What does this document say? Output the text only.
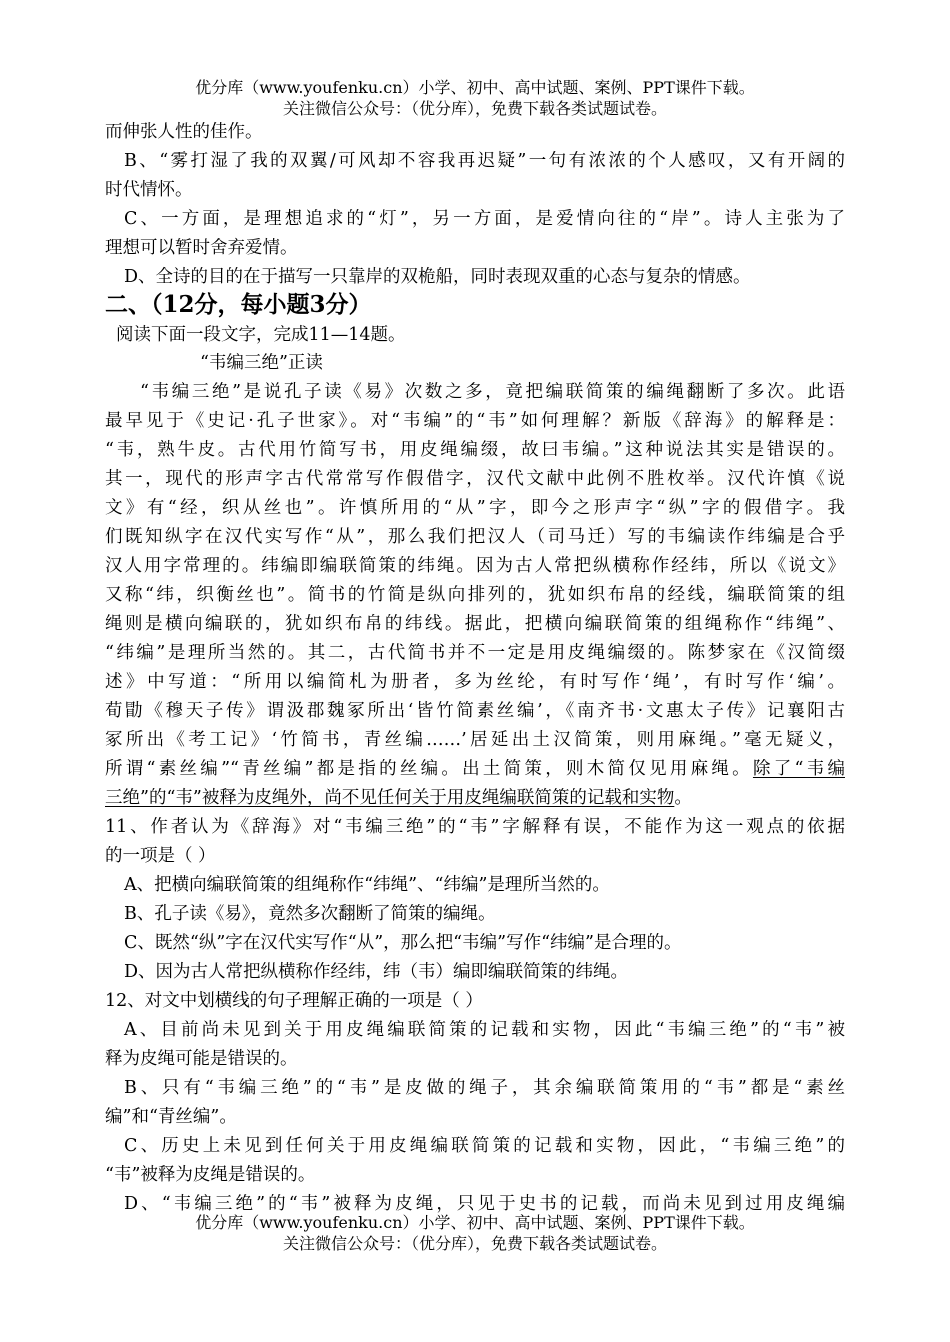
优分库（www.youfenku.cn）小学、初中、高中试题、案例、PPT课件下载。
关注微信公众号：（优分库），免费下载各类试题试卷。
而伸张人性的佳作。
B、“雾打湿了我的双翼/可风却不容我再迟疑”一句有浓浓的个人感叹，又有开阔的
时代情怀。
C、一方面，是理想追求的“灯”，另一方面，是爱情向往的“岸”。诗人主张为了
理想可以暂时舍弃爱情。
D、全诗的目的在于描写一只靠岸的双桅船，同时表现双重的心态与复杂的情感。
二、（12分，每小题3分）
阅读下面一段文字，完成11—14题。
“韦编三绝”正读
“韦编三绝”是说孔子读《易》次数之多，竟把编联简策的编绳翻断了多次。此语
最早见于《史记·孔子世家》。对“韦编”的“韦”如何理解？新版《辞海》的解释是：
“韦，熟牛皮。古代用竹简写书，用皮绳编缀，故曰韦编。”这种说法其实是错误的。
其一，现代的形声字古代常常写作假借字，汉代文献中此例不胜枚举。汉代许慎《说
文》有“经，织从丝也”。许慎所用的“从”字，即今之形声字“纵”字的假借字。我
们既知纵字在汉代实写作“从”，那么我们把汉人（司马迁）写的韦编读作纬编是合乎
汉人用字常理的。纬编即编联简策的纬绳。因为古人常把纵横称作经纬，所以《说文》
又称“纬，织衡丝也”。简书的竹简是纵向排列的，犹如织布帛的经线，编联简策的组
绳则是横向编联的，犹如织布帛的纬线。据此，把横向编联简策的组绳称作“纬绳”、
“纬编”是理所当然的。其二，古代简书并不一定是用皮绳编缀的。陈梦家在《汉简缀
述》中写道：“所用以编简札为册者，多为丝纶，有时写作‘绳’，有时写作‘编’。
荀勖《穆天子传》谓汲郡魏冢所出‘皆竹简素丝编’，《南齐书·文惠太子传》记襄阳古
冢所出《考工记》‘竹简书，青丝编……’居延出土汉简策，则用麻绳。”毫无疑义，
所谓“素丝编”“青丝编”都是指的丝编。出土简策，则木简仅见用麻绳。除了“韦编
三绝”的“韦”被释为皮绳外，尚不见任何关于用皮绳编联简策的记载和实物。
11、作者认为《辞海》对“韦编三绝”的“韦”字解释有误，不能作为这一观点的依据
的一项是（ ）
A、把横向编联简策的组绳称作“纬绳”、“纬编”是理所当然的。
B、孔子读《易》，竟然多次翻断了简策的编绳。
C、既然“纵”字在汉代实写作“从”，那么把“韦编”写作“纬编”是合理的。
D、因为古人常把纵横称作经纬，纬（韦）编即编联简策的纬绳。
12、对文中划横线的句子理解正确的一项是（ ）
A、目前尚未见到关于用皮绳编联简策的记载和实物，因此“韦编三绝”的“韦”被
释为皮绳可能是错误的。
B、只有“韦编三绝”的“韦”是皮做的绳子，其余编联简策用的“韦”都是“素丝
编”和“青丝编”。
C、历史上未见到任何关于用皮绳编联简策的记载和实物，因此，“韦编三绝”的
“韦”被释为皮绳是错误的。
D、“韦编三绝”的“韦”被释为皮绳，只见于史书的记载，而尚未见到过用皮绳编
优分库（www.youfenku.cn）小学、初中、高中试题、案例、PPT课件下载。
关注微信公众号：（优分库），免费下载各类试题试卷。
